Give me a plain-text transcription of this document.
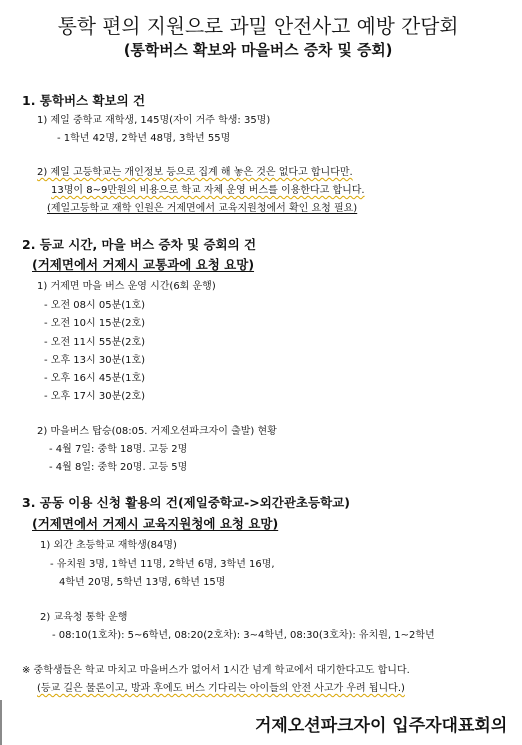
통학 편의 지원으로 과밀 안전사고 예방 간담회
(통학버스 확보와 마을버스 증차 및 증회)
1. 통학버스 확보의 건
1) 제일 중학교 재학생, 145명(자이 거주 학생: 35명)
- 1학년 42명, 2학년 48명, 3학년 55명
2) 제일 고등학교는 개인정보 등으로 집계 해 놓은 것은 없다고 합니다만.
13명이 8~9만원의 비용으로 학교 자체 운영 버스를 이용한다고 합니다.
(제일고등학교 재학 인원은 거제면에서 교육지원청에서 확인 요청 필요)
2. 등교 시간, 마을 버스 증차 및 증회의 건
(거제면에서 거제시 교통과에 요청 요망)
1) 거제면 마을 버스 운영 시간(6회 운행)
- 오전 08시 05분(1호)
- 오전 10시 15분(2호)
- 오전 11시 55분(2호)
- 오후 13시 30분(1호)
- 오후 16시 45분(1호)
- 오후 17시 30분(2호)
2) 마을버스 탑승(08:05. 거제오션파크자이 출발) 현황
- 4월 7일: 중학 18명. 고등 2명
- 4월 8일: 중학 20명. 고등 5명
3. 공동 이용 신청 활용의 건(제일중학교->외간관초등학교)
(거제면에서 거제시 교육지원청에 요청 요망)
1) 외간 초등학교 재학생(84명)
- 유치원 3명, 1학년 11명, 2학년 6명, 3학년 16명,
4학년 20명, 5학년 13명, 6학년 15명
2) 교육청 통학 운행
- 08:10(1호차): 5~6학년, 08:20(2호차): 3~4학년, 08:30(3호차): 유치원, 1~2학년
※ 중학생들은 학교 마치고 마을버스가 없어서 1시간 넘게 학교에서 대기한다고도 합니다.
(등교 길은 물론이고, 방과 후에도 버스 기다리는 아이들의 안전 사고가 우려 됩니다.)
거제오션파크자이 입주자대표회의
